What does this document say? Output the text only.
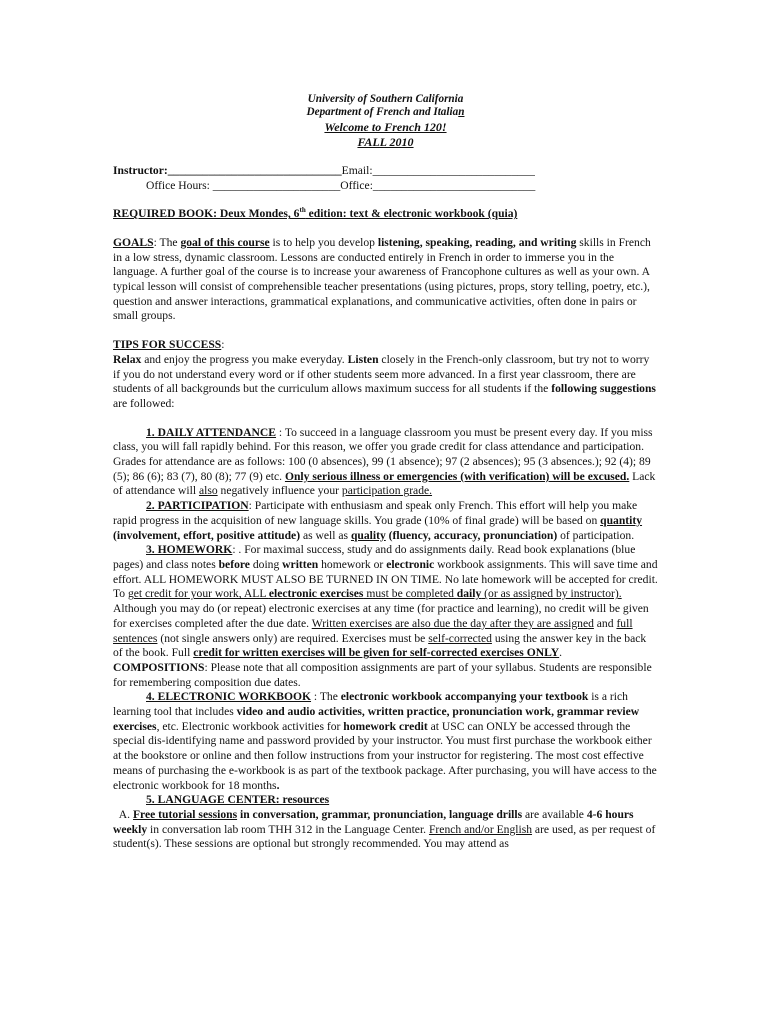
University of Southern California
Department of French and Italian
Welcome to French 120!
FALL 2010
Instructor:______________________________Email:____________________________
Office Hours: ______________________Office:____________________________

REQUIRED BOOK: Deux Mondes, 6th edition: text & electronic workbook (quia)

GOALS: The goal of this course is to help you develop listening, speaking, reading, and writing skills in French in a low stress, dynamic classroom. Lessons are conducted entirely in French in order to immerse you in the language. A further goal of the course is to increase your awareness of Francophone cultures as well as your own. A typical lesson will consist of comprehensible teacher presentations (using pictures, props, story telling, poetry, etc.), question and answer interactions, grammatical explanations, and communicative activities, often done in pairs or small groups.

TIPS FOR SUCCESS:

Relax and enjoy the progress you make everyday. Listen closely in the French-only classroom, but try not to worry if you do not understand every word or if other students seem more advanced. In a first year classroom, there are students of all backgrounds but the curriculum allows maximum success for all students if the following suggestions are followed:

1. DAILY ATTENDANCE : To succeed in a language classroom you must be present every day. If you miss class, you will fall rapidly behind. For this reason, we offer you grade credit for class attendance and participation. Grades for attendance are as follows: 100 (0 absences), 99 (1 absence); 97 (2 absences); 95 (3 absences.); 92 (4); 89 (5); 86 (6); 83 (7), 80 (8); 77 (9) etc. Only serious illness or emergencies (with verification) will be excused. Lack of attendance will also negatively influence your participation grade.

2. PARTICIPATION: Participate with enthusiasm and speak only French. This effort will help you make rapid progress in the acquisition of new language skills. You grade (10% of final grade) will be based on quantity (involvement, effort, positive attitude) as well as quality (fluency, accuracy, pronunciation) of participation.

3. HOMEWORK: . For maximal success, study and do assignments daily. Read book explanations (blue pages) and class notes before doing written homework or electronic workbook assignments. This will save time and effort. ALL HOMEWORK MUST ALSO BE TURNED IN ON TIME. No late homework will be accepted for credit. To get credit for your work, ALL electronic exercises must be completed daily (or as assigned by instructor). Although you may do (or repeat) electronic exercises at any time (for practice and learning), no credit will be given for exercises completed after the due date. Written exercises are also due the day after they are assigned and full sentences (not single answers only) are required. Exercises must be self-corrected using the answer key in the back of the book. Full credit for written exercises will be given for self-corrected exercises ONLY.

COMPOSITIONS: Please note that all composition assignments are part of your syllabus. Students are responsible for remembering composition due dates.

4. ELECTRONIC WORKBOOK : The electronic workbook accompanying your textbook is a rich learning tool that includes video and audio activities, written practice, pronunciation work, grammar review exercises, etc. Electronic workbook activities for homework credit at USC can ONLY be accessed through the special dis-identifying name and password provided by your instructor. You must first purchase the workbook either at the bookstore or online and then follow instructions from your instructor for registering. The most cost effective means of purchasing the e-workbook is as part of the textbook package. After purchasing, you will have access to the electronic workbook for 18 months.

5. LANGUAGE CENTER: resources

A. Free tutorial sessions in conversation, grammar, pronunciation, language drills are available 4-6 hours weekly in conversation lab room THH 312 in the Language Center. French and/or English are used, as per request of student(s). These sessions are optional but strongly recommended. You may attend as
